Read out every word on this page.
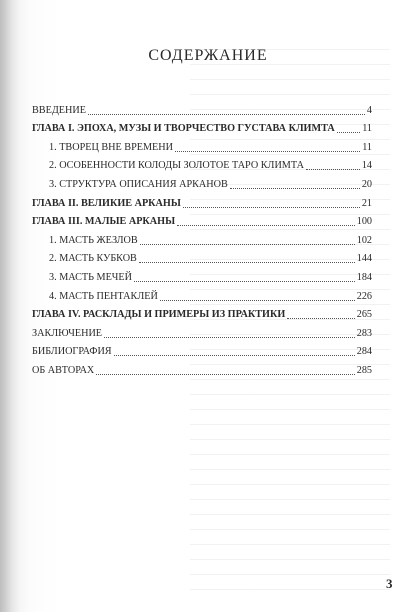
СОДЕРЖАНИЕ
ВВЕДЕНИЕ	4
ГЛАВА I. ЭПОХА, МУЗЫ И ТВОРЧЕСТВО ГУСТАВА КЛИМТА	11
1. ТВОРЕЦ ВНЕ ВРЕМЕНИ	11
2. ОСОБЕННОСТИ КОЛОДЫ ЗОЛОТОЕ ТАРО КЛИМТА	14
3. СТРУКТУРА ОПИСАНИЯ АРКАНОВ	20
ГЛАВА II. ВЕЛИКИЕ АРКАНЫ	21
ГЛАВА III. МАЛЫЕ АРКАНЫ	100
1. МАСТЬ ЖЕЗЛОВ	102
2. МАСТЬ КУБКОВ	144
3. МАСТЬ МЕЧЕЙ	184
4. МАСТЬ ПЕНТАКЛЕЙ	226
ГЛАВА IV. РАСКЛАДЫ И ПРИМЕРЫ ИЗ ПРАКТИКИ	265
ЗАКЛЮЧЕНИЕ	283
БИБЛИОГРАФИЯ	284
ОБ АВТОРАХ	285
3
